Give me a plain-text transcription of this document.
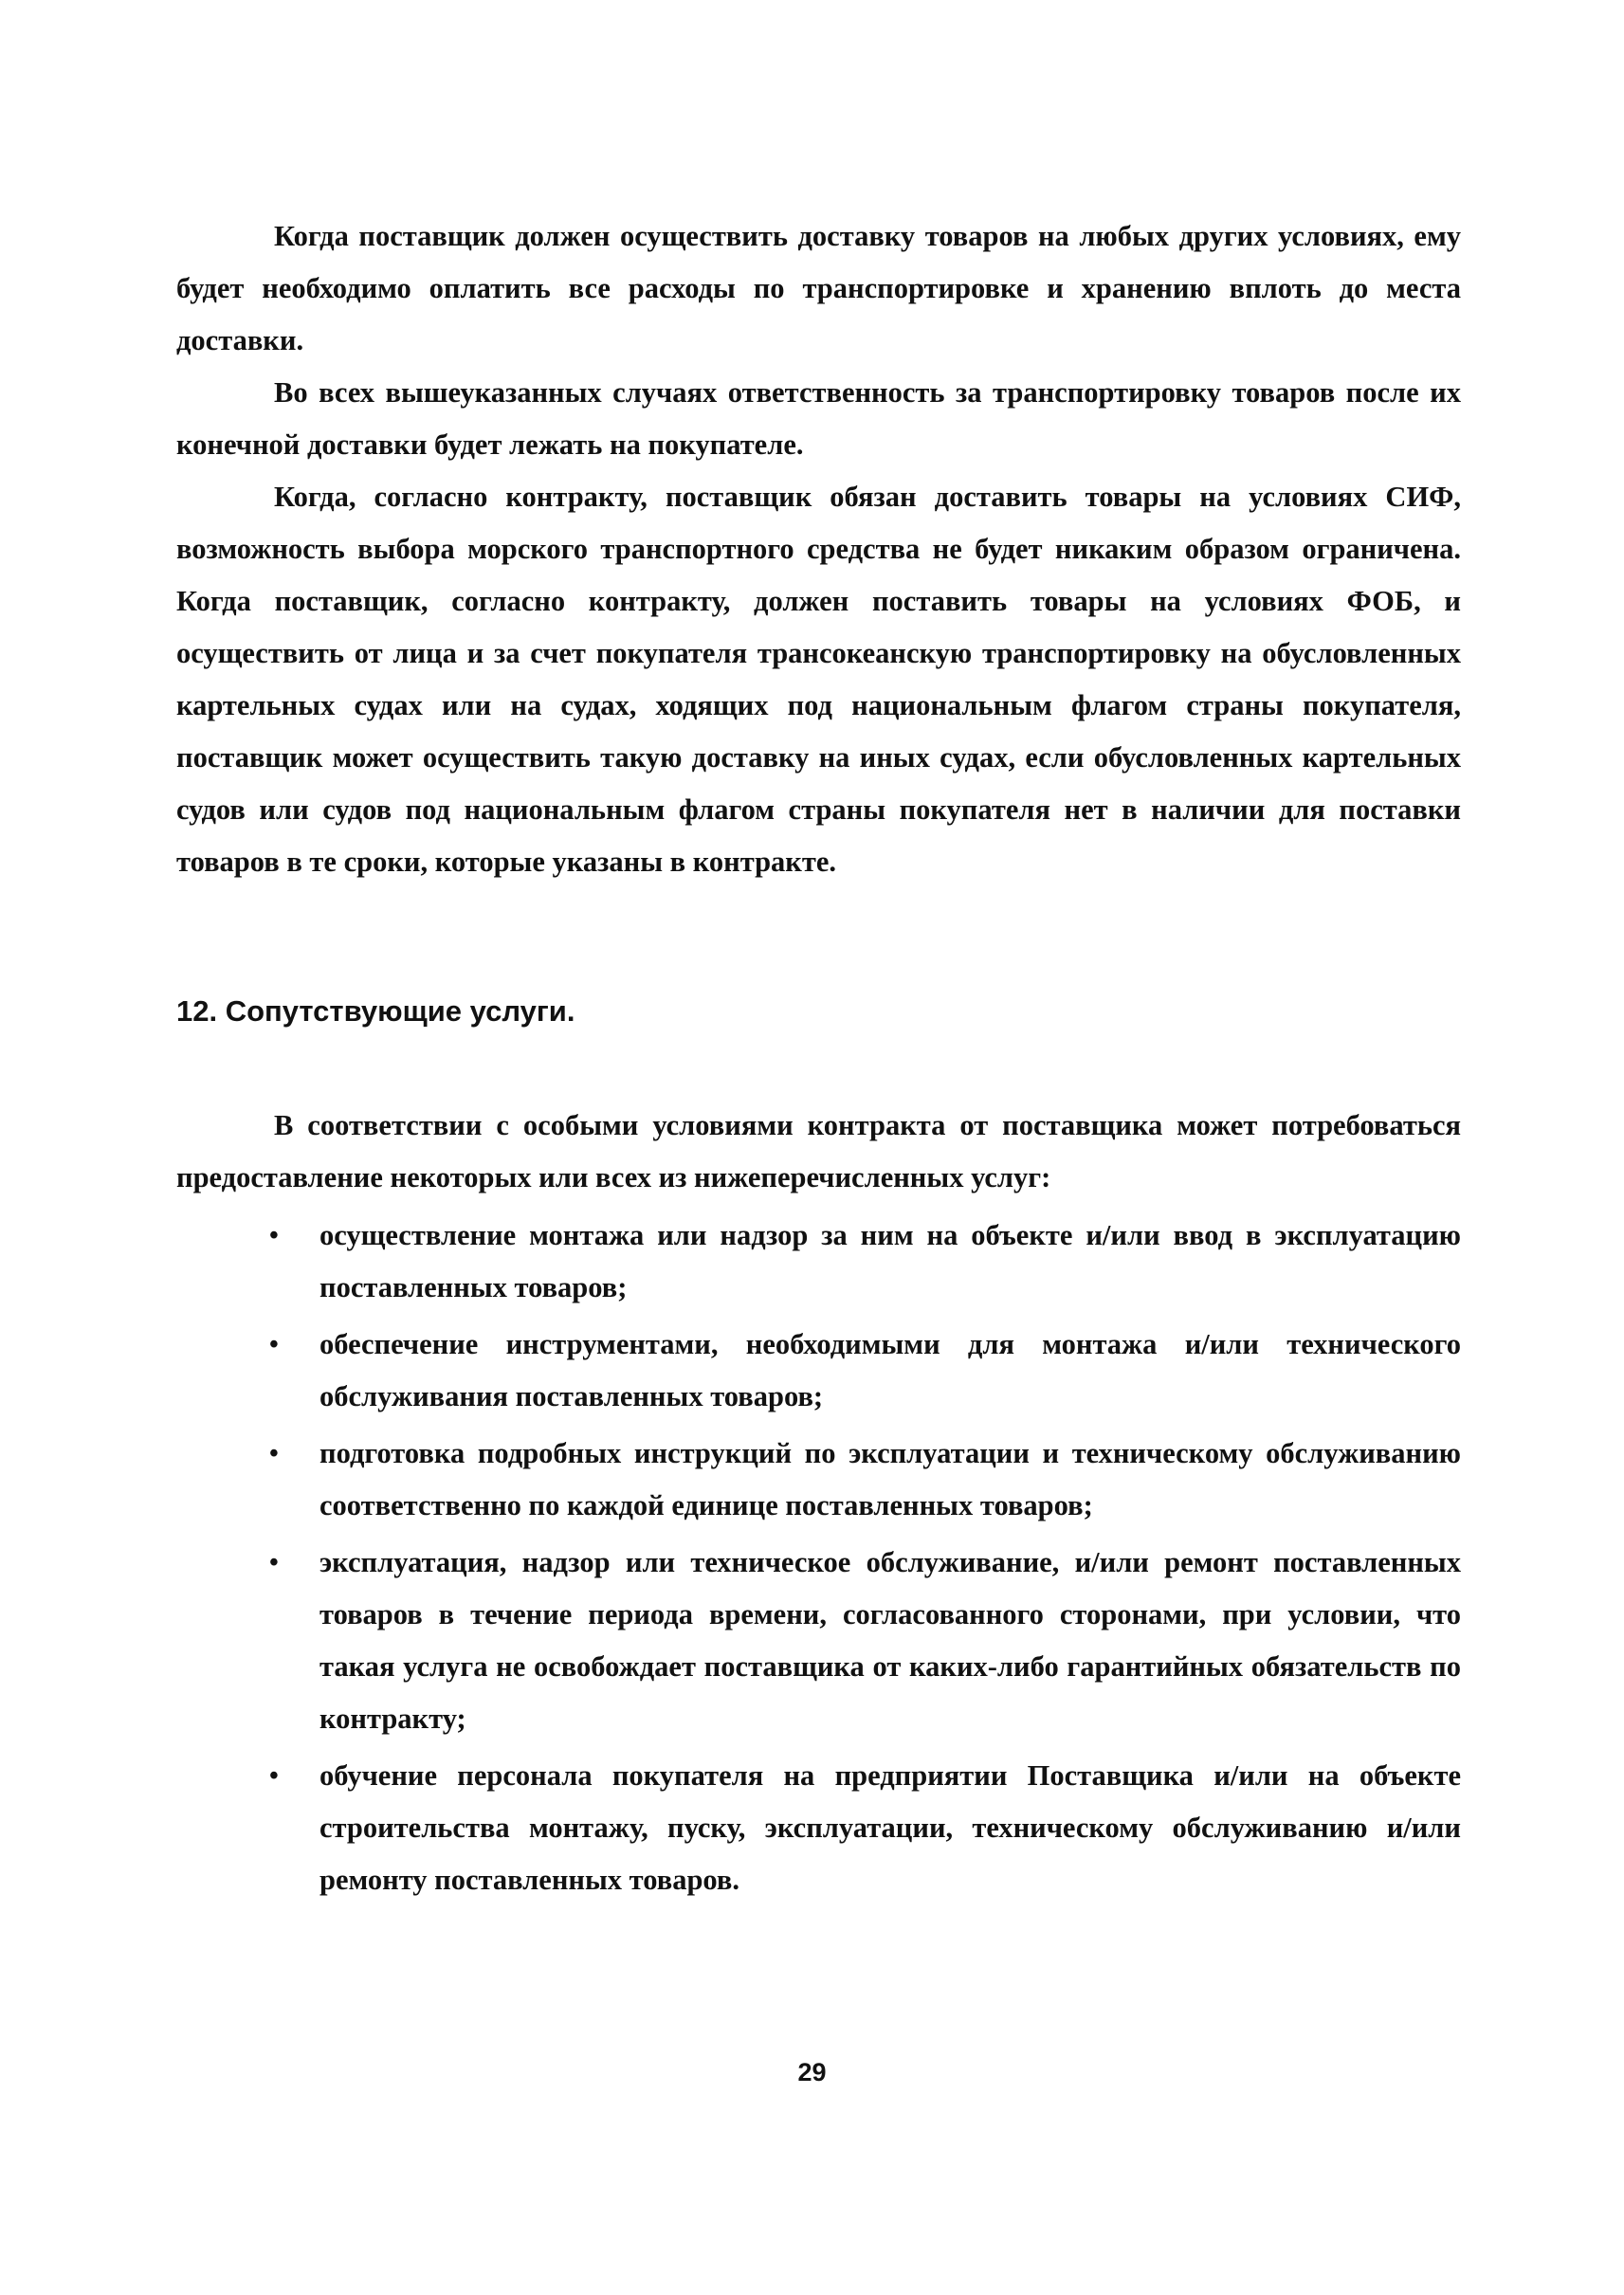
Когда поставщик должен осуществить доставку товаров на любых других условиях, ему будет необходимо оплатить все расходы по транспортировке и хранению вплоть до места доставки.

Во всех вышеуказанных случаях ответственность за транспортировку товаров после их конечной доставки будет лежать на покупателе.

Когда, согласно контракту, поставщик обязан доставить товары на условиях СИФ, возможность выбора морского транспортного средства не будет никаким образом ограничена. Когда поставщик, согласно контракту, должен поставить товары на условиях ФОБ, и осуществить от лица и за счет покупателя трансокеанскую транспортировку на обусловленных картельных судах или на судах, ходящих под национальным флагом страны покупателя, поставщик может осуществить такую доставку на иных судах, если обусловленных картельных судов или судов под национальным флагом страны покупателя нет в наличии для поставки товаров в те сроки, которые указаны в контракте.

12. Сопутствующие услуги.

В соответствии с особыми условиями контракта от поставщика может потребоваться предоставление некоторых или всех из нижеперечисленных услуг:

• осуществление монтажа или надзор за ним на объекте и/или ввод в эксплуатацию поставленных товаров;
• обеспечение инструментами, необходимыми для монтажа и/или технического обслуживания поставленных товаров;
• подготовка подробных инструкций по эксплуатации и техническому обслуживанию соответственно по каждой единице поставленных товаров;
• эксплуатация, надзор или техническое обслуживание, и/или ремонт поставленных товаров в течение периода времени, согласованного сторонами, при условии, что такая услуга не освобождает поставщика от каких-либо гарантийных обязательств по контракту;
• обучение персонала покупателя на предприятии Поставщика и/или на объекте строительства монтажу, пуску, эксплуатации, техническому обслуживанию и/или ремонту поставленных товаров.
29
